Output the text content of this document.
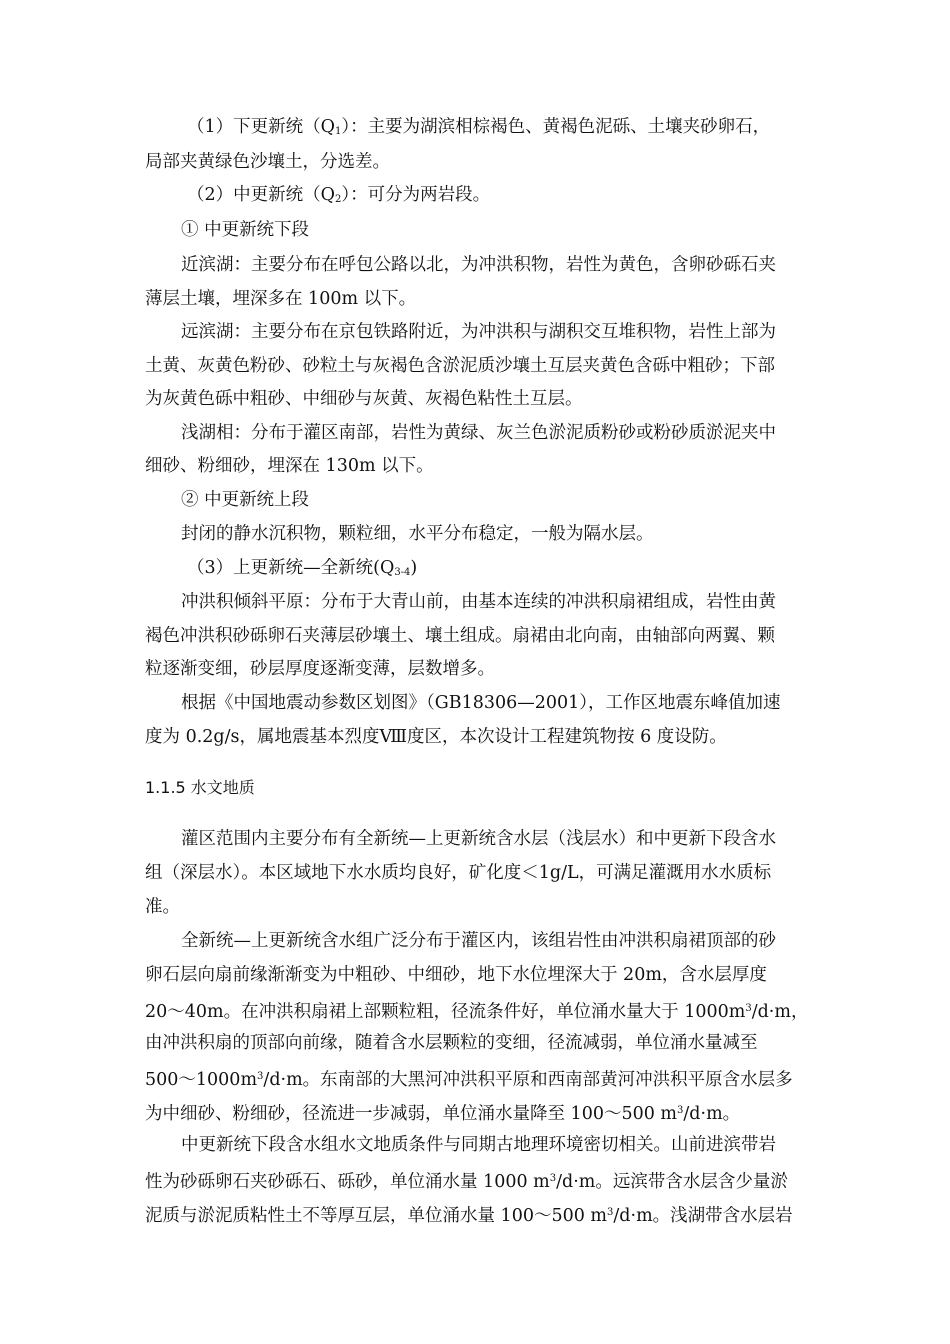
（1）下更新统$(Q_1)$：主要为湖滨相棕褐色、黄褐色泥砾、土壤夹砂卵石，
局部夹黄绿色沙壤土，分选差。
（2）中更新统$(Q_2)$：可分为两岩段。
① 中更新统下段
近滨湖：主要分布在呼包公路以北，为冲洪积物，岩性为黄色，含卵砂砾石夹
薄层土壤，埋深多在 100m 以下。
远滨湖：主要分布在京包铁路附近，为冲洪积与湖积交互堆积物，岩性上部为
土黄、灰黄色粉砂、砂粒土与灰褐色含淤泥质沙壤土互层夹黄色含砾中粗砂；下部
为灰黄色砾中粗砂、中细砂与灰黄、灰褐色粘性土互层。
浅湖相：分布于灌区南部，岩性为黄绿、灰兰色淤泥质粉砂或粉砂质淤泥夹中
细砂、粉细砂，埋深在 130m 以下。
② 中更新统上段
封闭的静水沉积物，颗粒细，水平分布稳定，一般为隔水层。
（3）上更新统—全新统$(Q_{3-4})$
冲洪积倾斜平原：分布于大青山前，由基本连续的冲洪积扇裙组成，岩性由黄
褐色冲洪积砂砾卵石夹薄层砂壤土、壤土组成。扇裙由北向南，由轴部向两翼、颗
粒逐渐变细，砂层厚度逐渐变薄，层数增多。
根据《中国地震动参数区划图》（GB18306—2001），工作区地震东峰值加速
度为 0.2g/s，属地震基本烈度Ⅷ度区，本次设计工程建筑物按 6 度设防。
1.1.5 水文地质
灌区范围内主要分布有全新统—上更新统含水层（浅层水）和中更新下段含水
组（深层水）。本区域地下水水质均良好，矿化度＜1g/L，可满足灌溉用水水质标
准。
全新统—上更新统含水组广泛分布于灌区内，该组岩性由冲洪积扇裙顶部的砂
卵石层向扇前缘渐渐变为中粗砂、中细砂，地下水位埋深大于 20m，含水层厚度
20～40m。在冲洪积扇裙上部颗粒粗，径流条件好，单位涌水量大于 $1000m^3/d\cdot m$，
由冲洪积扇的顶部向前缘，随着含水层颗粒的变细，径流减弱，单位涌水量减至
$500\sim 1000m^3/d\cdot m$。东南部的大黑河冲洪积平原和西南部黄河冲洪积平原含水层多
为中细砂、粉细砂，径流进一步减弱，单位涌水量降至 100～500 $m^3/d\cdot m$。
中更新统下段含水组水文地质条件与同期古地理环境密切相关。山前进滨带岩
性为砂砾卵石夹砂砾石、砾砂，单位涌水量 1000 $m^3/d\cdot m$。远滨带含水层含少量淤
泥质与淤泥质粘性土不等厚互层，单位涌水量 100～500 $m^3/d\cdot m$。浅湖带含水层岩
